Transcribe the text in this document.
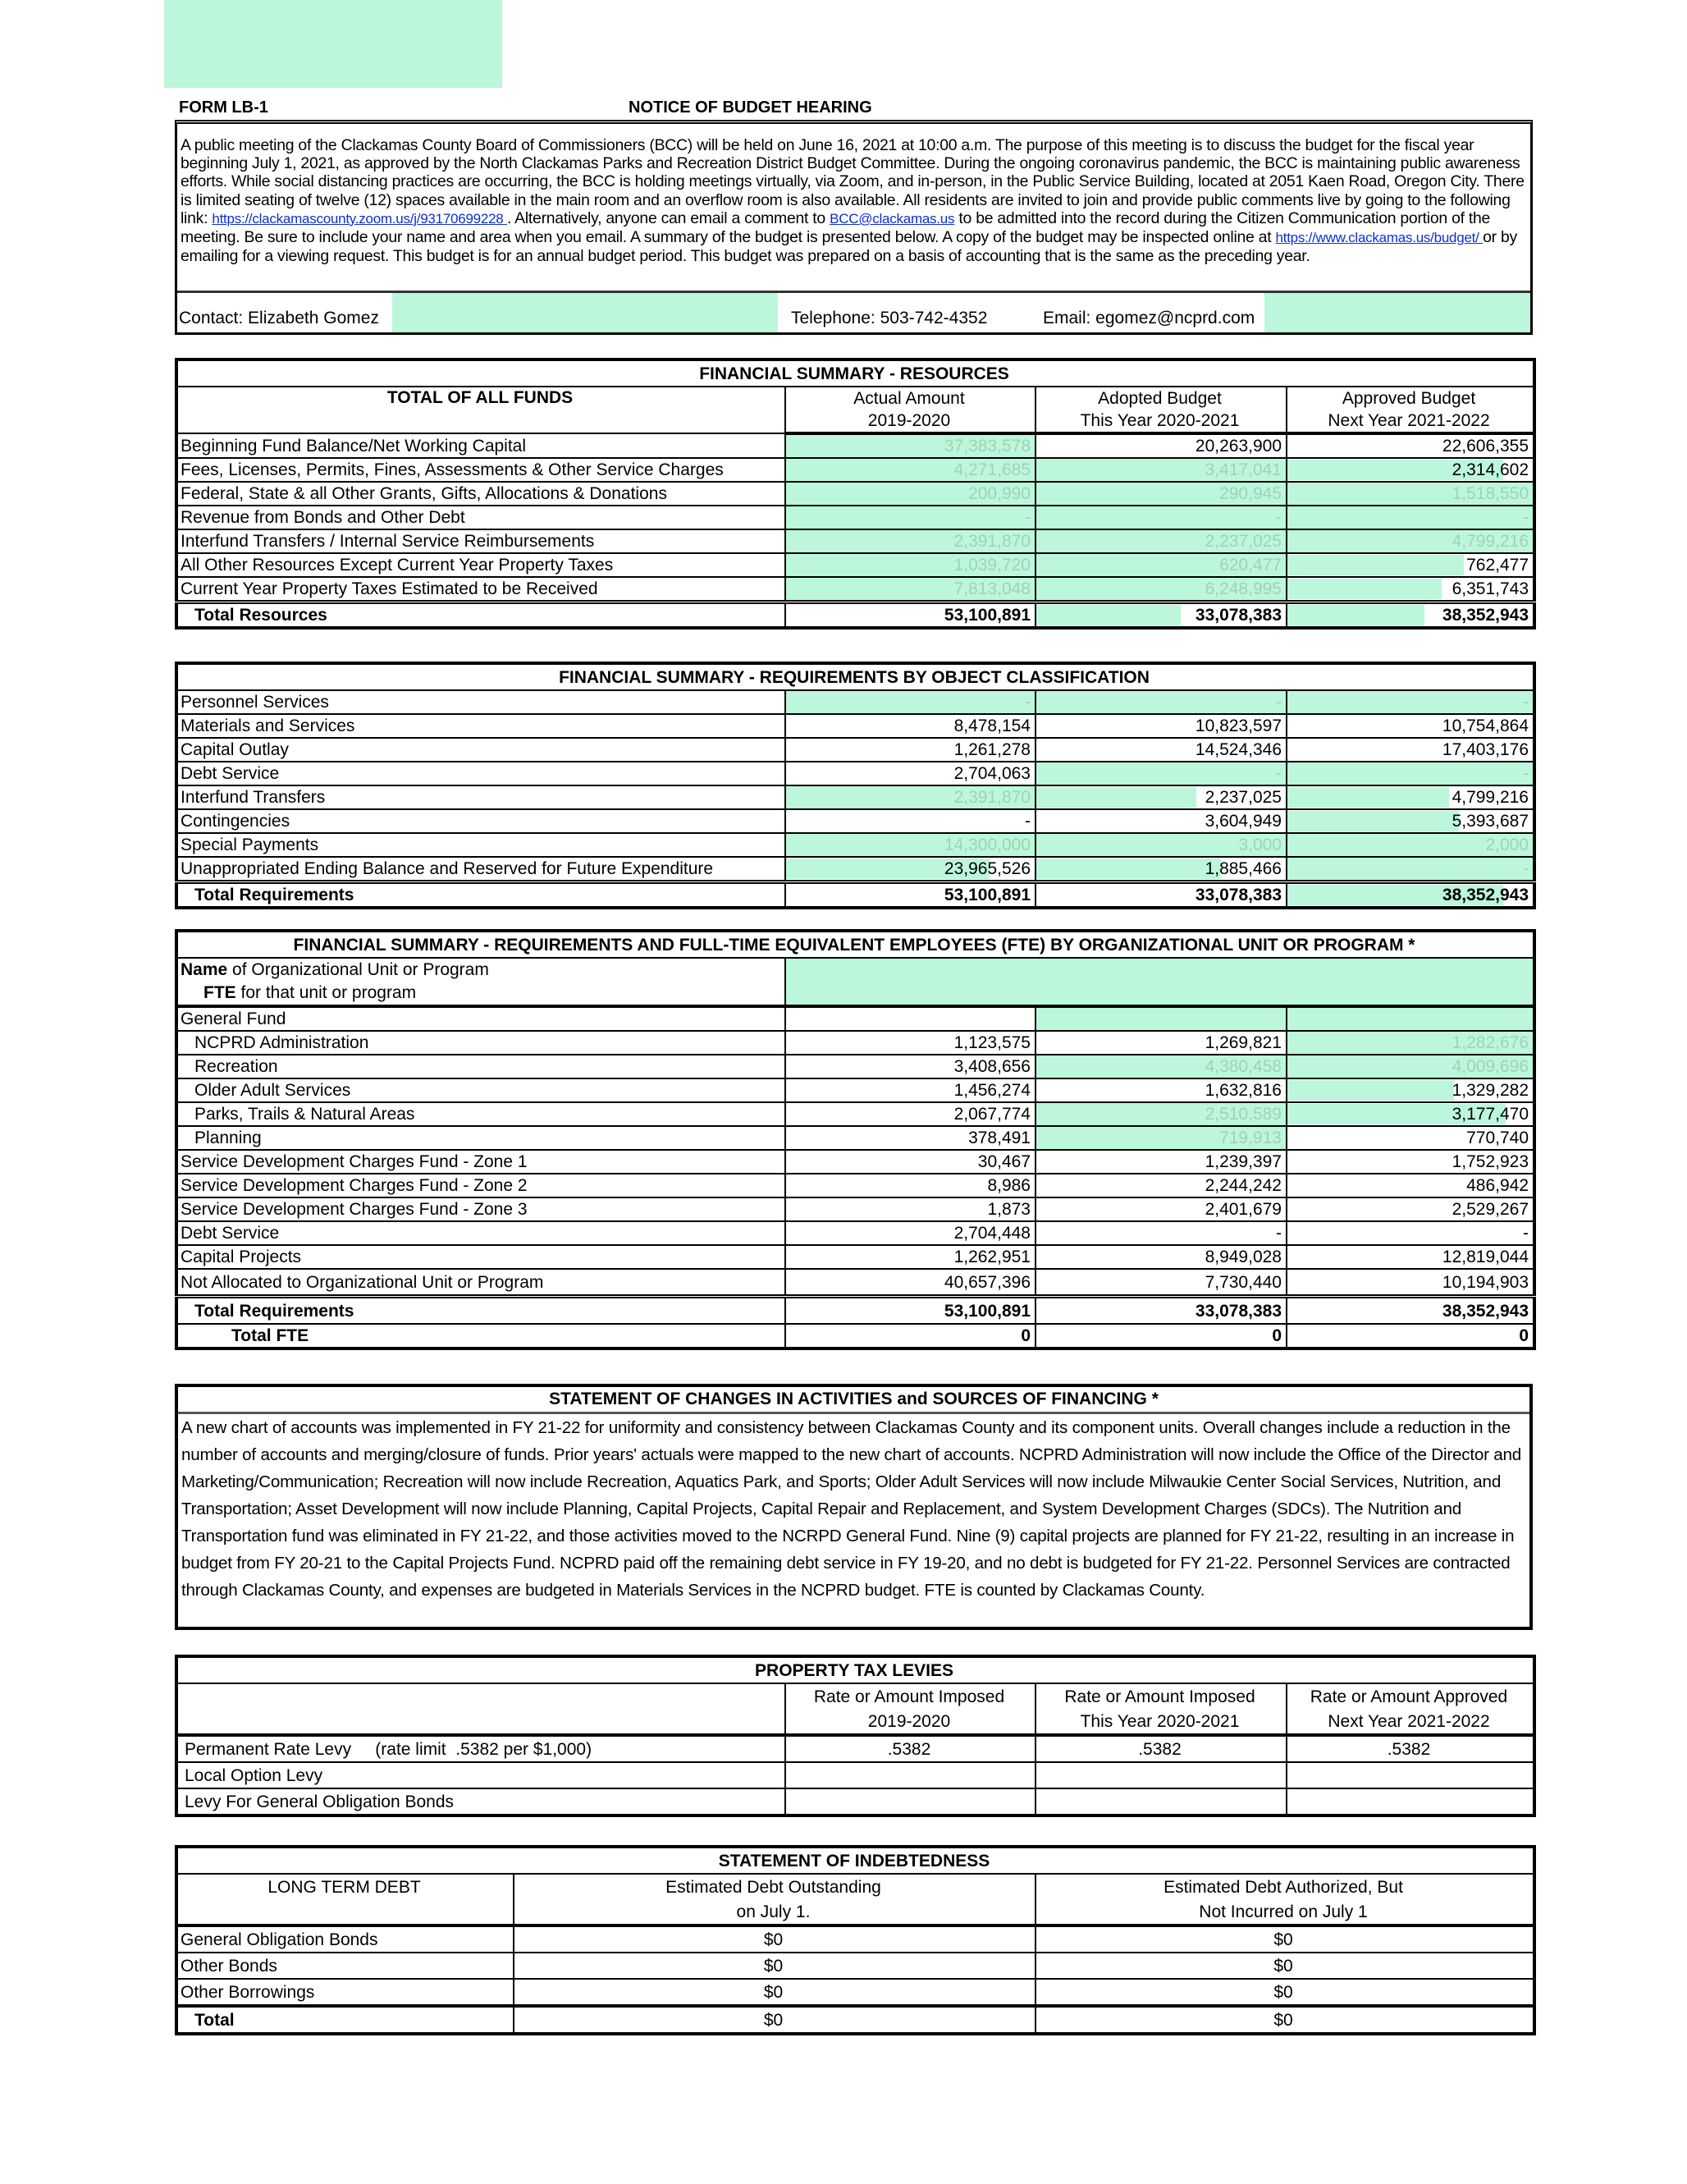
FORM LB-1	NOTICE OF BUDGET HEARING
A public meeting of the Clackamas County Board of Commissioners (BCC) will be held on June 16, 2021 at 10:00 a.m. The purpose of this meeting is to discuss the budget for the fiscal year beginning July 1, 2021, as approved by the North Clackamas Parks and Recreation District Budget Committee. During the ongoing coronavirus pandemic, the BCC is maintaining public awareness efforts. While social distancing practices are occurring, the BCC is holding meetings virtually, via Zoom, and in-person, in the Public Service Building, located at 2051 Kaen Road, Oregon City. There is limited seating of twelve (12) spaces available in the main room and an overflow room is also available. All residents are invited to join and provide public comments live by going to the following link: https://clackamascounty.zoom.us/j/93170699228 . Alternatively, anyone can email a comment to BCC@clackamas.us to be admitted into the record during the Citizen Communication portion of the meeting. Be sure to include your name and area when you email. A summary of the budget is presented below. A copy of the budget may be inspected online at https://www.clackamas.us/budget/ or by emailing for a viewing request. This budget is for an annual budget period. This budget was prepared on a basis of accounting that is the same as the preceding year.
Contact: Elizabeth Gomez	Telephone: 503-742-4352	Email: egomez@ncprd.com
FINANCIAL SUMMARY - RESOURCES			
TOTAL OF ALL FUNDS	Actual Amount	Adopted Budget	Approved Budget
	2019-2020	This Year 2020-2021	Next Year 2021-2022
Beginning Fund Balance/Net Working Capital	37,383,578	20,263,900	22,606,355
Fees, Licenses, Permits, Fines, Assessments & Other Service Charges	4,271,685	3,417,041	2,314,602
Federal, State & all Other Grants, Gifts, Allocations & Donations	200,990	290,945	1,518,550
Revenue from Bonds and Other Debt	-	-	-
Interfund Transfers / Internal Service Reimbursements	2,391,870	2,237,025	4,799,216
All Other Resources Except Current Year Property Taxes	1,039,720	620,477	762,477
Current Year Property Taxes Estimated to be Received	7,813,048	6,248,995	6,351,743
Total Resources	53,100,891	33,078,383	38,352,943
FINANCIAL SUMMARY - REQUIREMENTS BY OBJECT CLASSIFICATION			
Personnel Services	-	-	-
Materials and Services	8,478,154	10,823,597	10,754,864
Capital Outlay	1,261,278	14,524,346	17,403,176
Debt Service	2,704,063	-	-
Interfund Transfers	2,391,870	2,237,025	4,799,216
Contingencies	-	3,604,949	5,393,687
Special Payments	14,300,000	3,000	2,000
Unappropriated Ending Balance and Reserved for Future Expenditure	23,965,526	1,885,466	-
Total Requirements	53,100,891	33,078,383	38,352,943
FINANCIAL SUMMARY - REQUIREMENTS AND FULL-TIME EQUIVALENT EMPLOYEES (FTE) BY ORGANIZATIONAL UNIT OR PROGRAM *			

Name of Organizational Unit or Program
FTE for that unit or program			

General Fund			
NCPRD Administration	1,123,575	1,269,821	1,282,676
Recreation	3,408,656	4,380,458	4,009,696
Older Adult Services	1,456,274	1,632,816	1,329,282
Parks, Trails & Natural Areas	2,067,774	2,510,589	3,177,470
Planning	378,491	719,913	770,740
Service Development Charges Fund - Zone 1	30,467	1,239,397	1,752,923
Service Development Charges Fund - Zone 2	8,986	2,244,242	486,942
Service Development Charges Fund - Zone 3	1,873	2,401,679	2,529,267
Debt Service	2,704,448	-	-
Capital Projects	1,262,951	8,949,028	12,819,044
Not Allocated to Organizational Unit or Program	40,657,396	7,730,440	10,194,903
Total Requirements	53,100,891	33,078,383	38,352,943
Total FTE	0	0	0
STATEMENT OF CHANGES IN ACTIVITIES and SOURCES OF FINANCING *
A new chart of accounts was implemented in FY 21-22 for uniformity and consistency between Clackamas County and its component units. Overall changes include a reduction in the number of accounts and merging/closure of funds. Prior years' actuals were mapped to the new chart of accounts. NCPRD Administration will now include the Office of the Director and Marketing/Communication; Recreation will now include Recreation, Aquatics Park, and Sports; Older Adult Services will now include Milwaukie Center Social Services, Nutrition, and Transportation; Asset Development will now include Planning, Capital Projects, Capital Repair and Replacement, and System Development Charges (SDCs). The Nutrition and Transportation fund was eliminated in FY 21-22, and those activities moved to the NCRPD General Fund. Nine (9) capital projects are planned for FY 21-22, resulting in an increase in budget from FY 20-21 to the Capital Projects Fund. NCPRD paid off the remaining debt service in FY 19-20, and no debt is budgeted for FY 21-22. Personnel Services are contracted through Clackamas County, and expenses are budgeted in Materials Services in the NCPRD budget. FTE is counted by Clackamas County.
PROPERTY TAX LEVIES			
	Rate or Amount Imposed	Rate or Amount Imposed	Rate or Amount Approved
	2019-2020	This Year 2020-2021	Next Year 2021-2022
Permanent Rate Levy     (rate limit  .5382 per $1,000)	.5382	.5382	.5382
Local Option Levy			
Levy For General Obligation Bonds			
STATEMENT OF INDEBTEDNESS		
LONG TERM DEBT	Estimated Debt Outstanding	Estimated Debt Authorized, But
	on July 1.	Not Incurred on July 1
General Obligation Bonds	$0	$0
Other Bonds	$0	$0
Other Borrowings	$0	$0
Total	$0	$0
